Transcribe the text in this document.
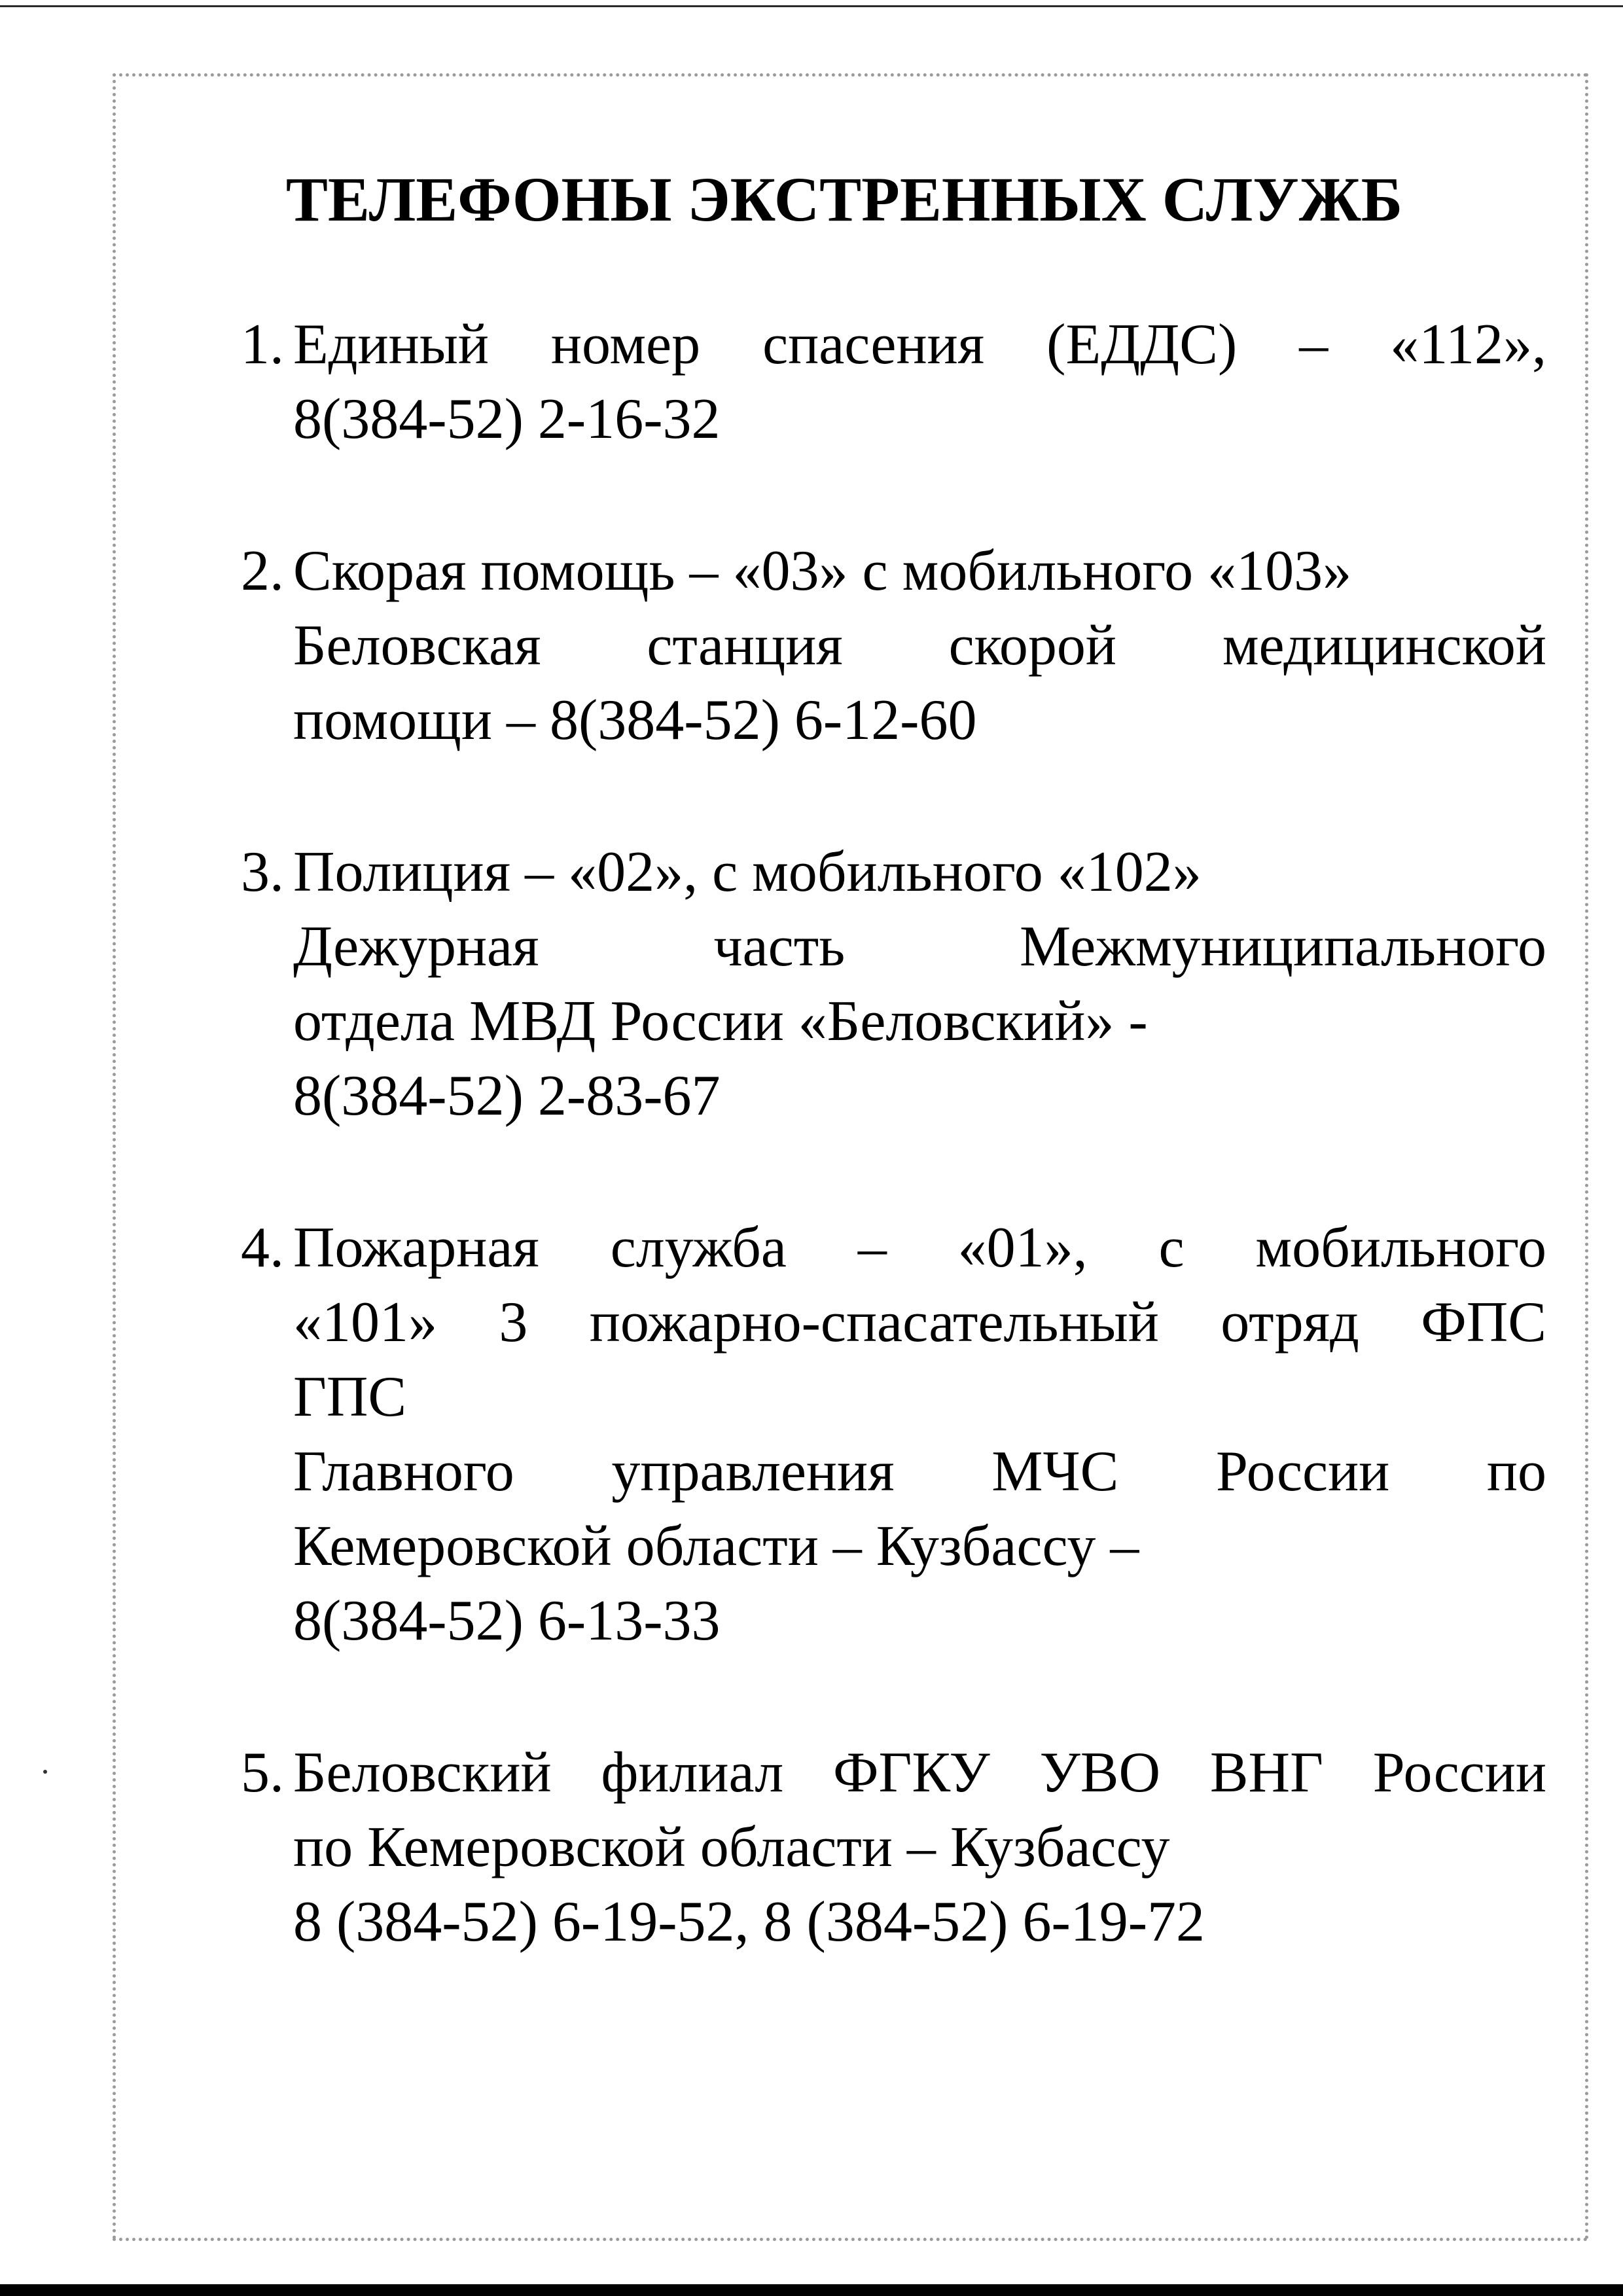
ТЕЛЕФОНЫ ЭКСТРЕННЫХ СЛУЖБ
1. Единый номер спасения (ЕДДС) – «112»,
8(384-52) 2-16-32
2. Скорая помощь – «03» с мобильного «103»
Беловская станция скорой медицинской
помощи – 8(384-52) 6-12-60
3. Полиция – «02», с мобильного «102»
Дежурная часть Межмуниципального
отдела МВД России «Беловский» -
8(384-52) 2-83-67
4. Пожарная служба – «01», с мобильного
«101» 3 пожарно-спасательный отряд ФПС
ГПС
Главного управления МЧС России по
Кемеровской области – Кузбассу –
8(384-52) 6-13-33
5. Беловский филиал ФГКУ УВО ВНГ России
по Кемеровской области – Кузбассу
8 (384-52) 6-19-52, 8 (384-52) 6-19-72
